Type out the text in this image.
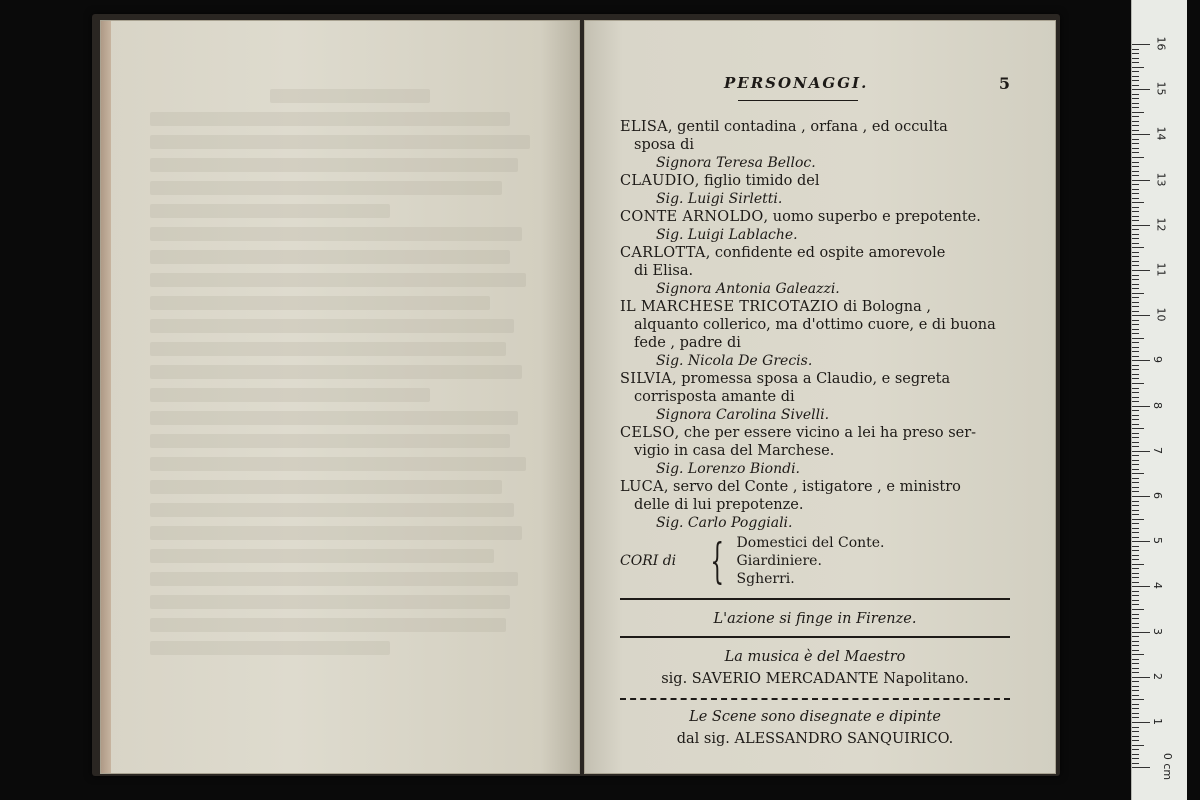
PERSONAGGI.	5
ELISA, gentil contadina , orfana , ed occulta
sposa di
Signora Teresa Belloc.
CLAUDIO, figlio timido del
Sig. Luigi Sirletti.
CONTE ARNOLDO, uomo superbo e prepotente.
Sig. Luigi Lablache.
CARLOTTA, confidente ed ospite amorevole
di Elisa.
Signora Antonia Galeazzi.
IL MARCHESE TRICOTAZIO di Bologna ,
alquanto collerico, ma d'ottimo cuore, e di buona fede , padre di
Sig. Nicola De Grecis.
SILVIA, promessa sposa a Claudio, e segreta
corrisposta amante di
Signora Carolina Sivelli.
CELSO, che per essere vicino a lei ha preso ser-
vigio in casa del Marchese.
Sig. Lorenzo Biondi.
LUCA, servo del Conte , istigatore , e ministro
delle di lui prepotenze.
Sig. Carlo Poggiali.
CORI di { Domestici del Conte.
Giardiniere.
Sgherri.
L'azione si finge in Firenze.
La musica è del Maestro
sig. SAVERIO MERCADANTE Napolitano.
Le Scene sono disegnate e dipinte
dal sig. ALESSANDRO SANQUIRICO.
16
15
14
13
12
11
10
9
8
7
6
5
4
3
2
1
0 cm
